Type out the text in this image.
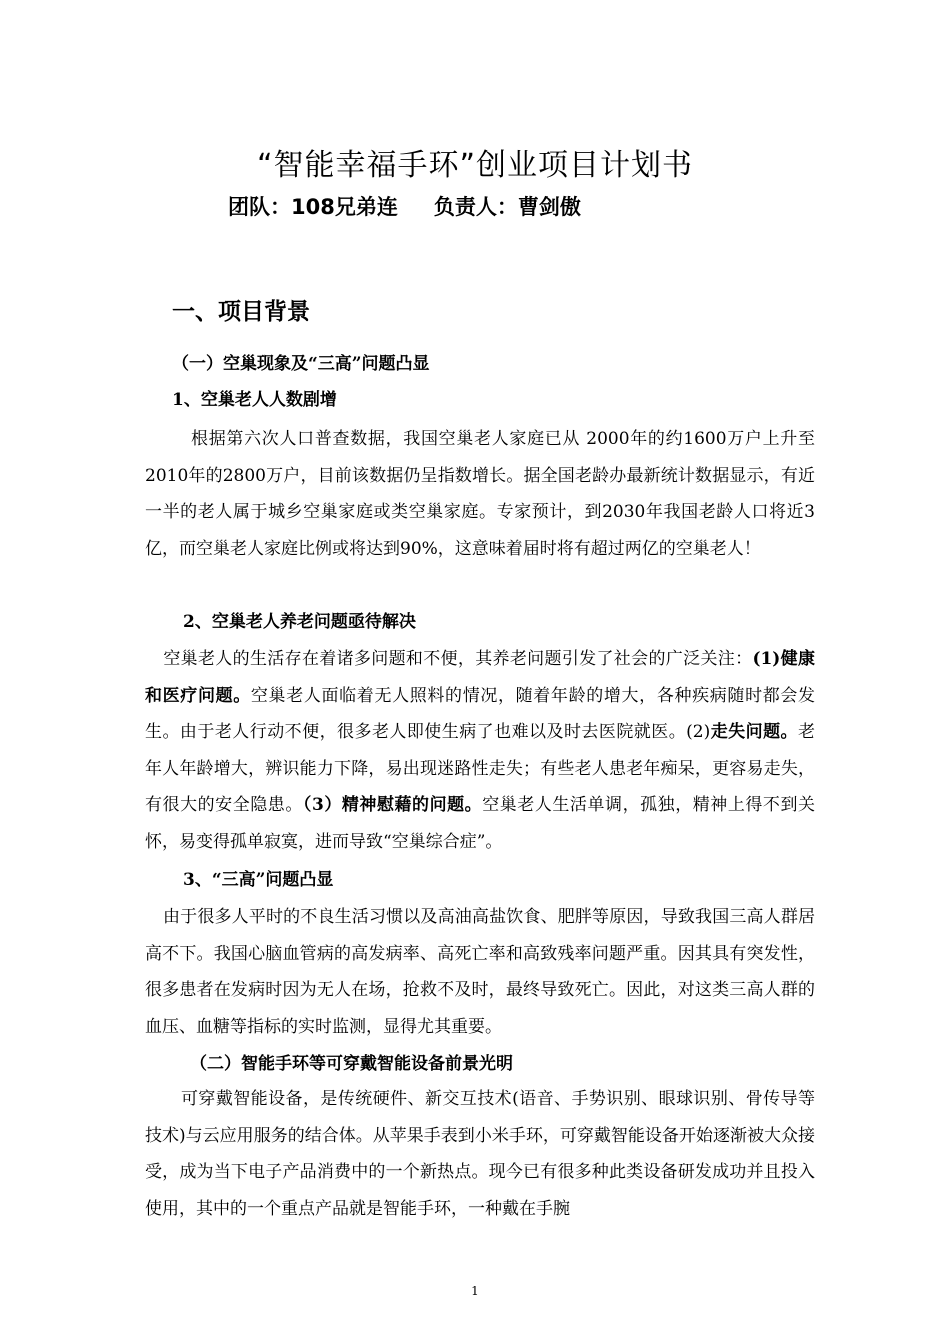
“智能幸福手环”创业项目计划书
团队：108兄弟连 负责人：曹剑傲
一、项目背景
（一）空巢现象及“三高”问题凸显
1、空巢老人人数剧增

根据第六次人口普查数据，我国空巢老人家庭已从 2000年的约1600万户上升至2010年的2800万户，目前该数据仍呈指数增长。据全国老龄办最新统计数据显示，有近一半的老人属于城乡空巢家庭或类空巢家庭。专家预计，到2030年我国老龄人口将近3亿，而空巢老人家庭比例或将达到90%，这意味着届时将有超过两亿的空巢老人！

2、空巢老人养老问题亟待解决

空巢老人的生活存在着诸多问题和不便，其养老问题引发了社会的广泛关注：(1)健康和医疗问题。空巢老人面临着无人照料的情况，随着年龄的增大，各种疾病随时都会发生。由于老人行动不便，很多老人即使生病了也难以及时去医院就医。(2)走失问题。老年人年龄增大，辨识能力下降，易出现迷路性走失；有些老人患老年痴呆，更容易走失，有很大的安全隐患。（3）精神慰藉的问题。空巢老人生活单调，孤独，精神上得不到关怀，易变得孤单寂寞，进而导致“空巢综合症”。

3、“三高”问题凸显

由于很多人平时的不良生活习惯以及高油高盐饮食、肥胖等原因，导致我国三高人群居高不下。我国心脑血管病的高发病率、高死亡率和高致残率问题严重。因其具有突发性，很多患者在发病时因为无人在场，抢救不及时，最终导致死亡。因此，对这类三高人群的血压、血糖等指标的实时监测，显得尤其重要。

（二）智能手环等可穿戴智能设备前景光明

可穿戴智能设备，是传统硬件、新交互技术(语音、手势识别、眼球识别、骨传导等技术)与云应用服务的结合体。从苹果手表到小米手环，可穿戴智能设备开始逐渐被大众接受，成为当下电子产品消费中的一个新热点。现今已有很多种此类设备研发成功并且投入使用，其中的一个重点产品就是智能手环，一种戴在手腕

1
